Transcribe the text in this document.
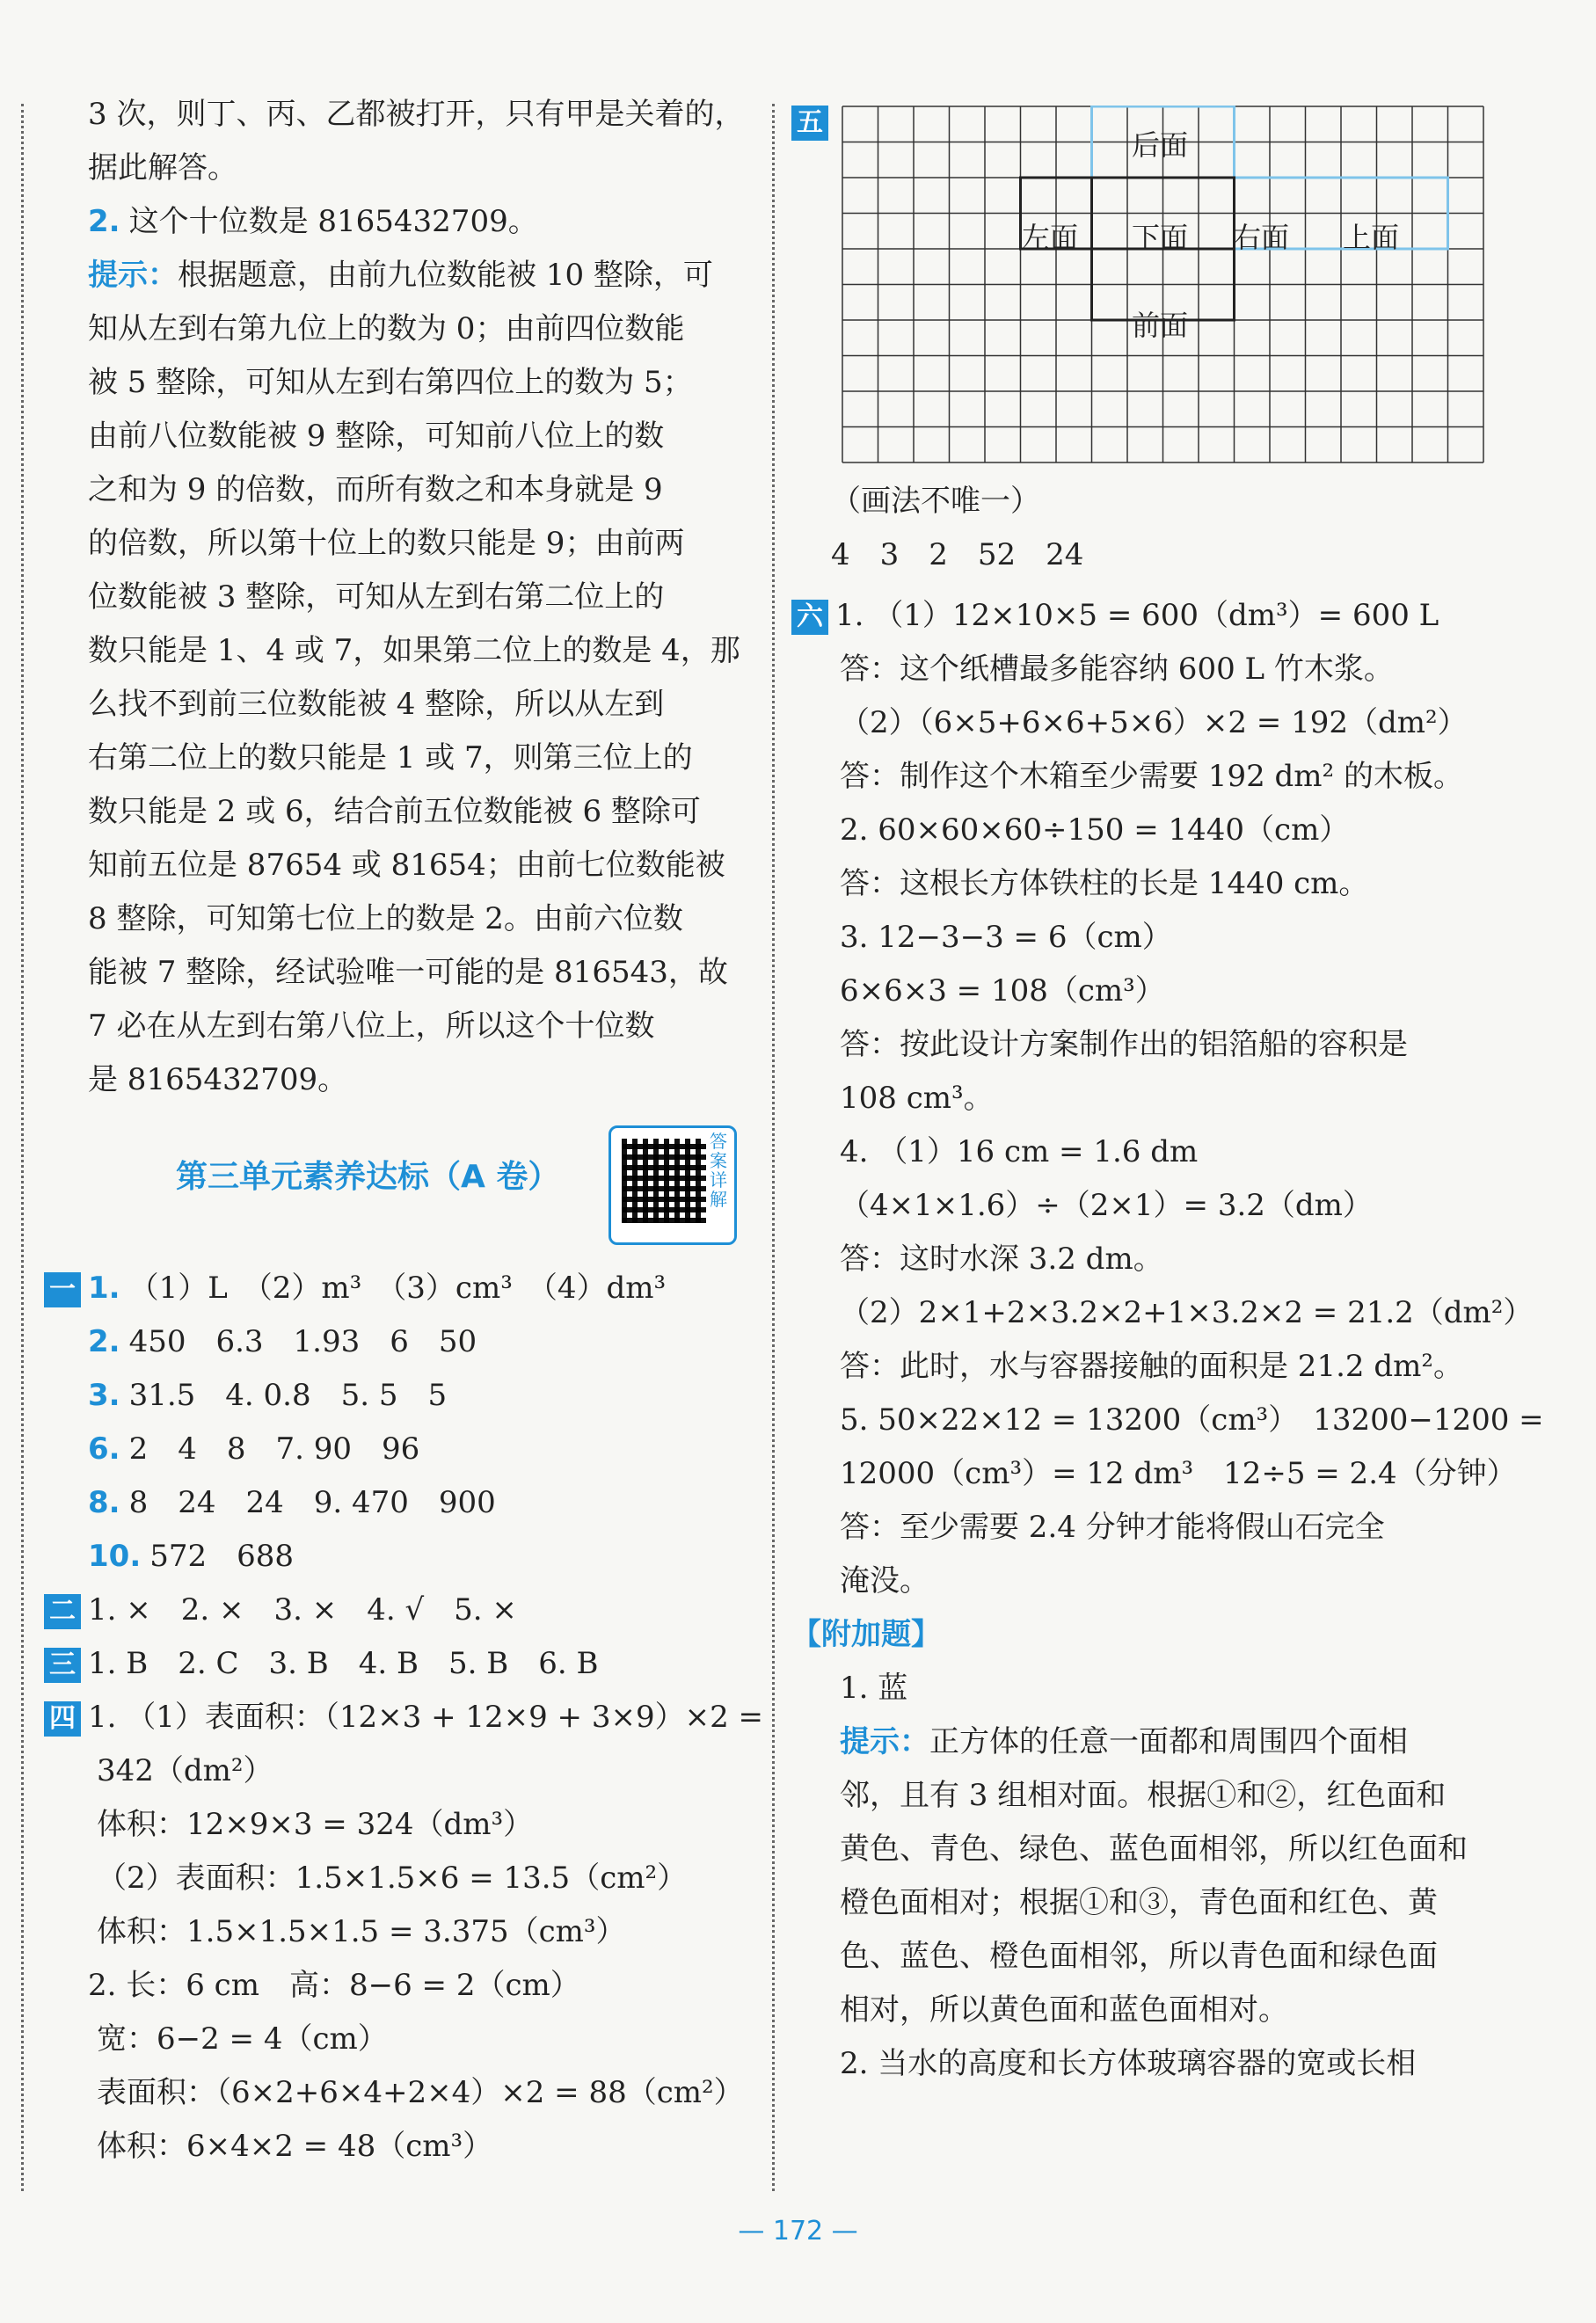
3 次，则丁、丙、乙都被打开，只有甲是关着的，
据此解答。
2. 这个十位数是 8165432709。
提示：根据题意，由前九位数能被 10 整除，可
知从左到右第九位上的数为 0；由前四位数能
被 5 整除，可知从左到右第四位上的数为 5；
由前八位数能被 9 整除，可知前八位上的数
之和为 9 的倍数，而所有数之和本身就是 9
的倍数，所以第十位上的数只能是 9；由前两
位数能被 3 整除，可知从左到右第二位上的
数只能是 1、4 或 7，如果第二位上的数是 4，那
么找不到前三位数能被 4 整除，所以从左到
右第二位上的数只能是 1 或 7，则第三位上的
数只能是 2 或 6，结合前五位数能被 6 整除可
知前五位是 87654 或 81654；由前七位数能被
8 整除，可知第七位上的数是 2。由前六位数
能被 7 整除，经试验唯一可能的是 816543，故
7 必在从左到右第八位上，所以这个十位数
是 8165432709。
第三单元素养达标（A 卷）
答案详解
一 1. （1）L　（2）m³　（3）cm³　（4）dm³
2. 450　6.3　1.93　6　50
3. 31.5　4. 0.8　5. 5　5
6. 2　4　8　7. 90　96
8. 8　24　24　9. 470　900
10. 572　688
二 1. ×　2. ×　3. ×　4. √　5. ×
三 1. B　2. C　3. B　4. B　5. B　6. B
四 1. （1）表面积：（12×3 + 12×9 + 3×9）×2 =
342（dm²）
体积：12×9×3 = 324（dm³）
（2）表面积：1.5×1.5×6 = 13.5（cm²）
体积：1.5×1.5×1.5 = 3.375（cm³）
2. 长：6 cm　高：8−6 = 2（cm）
宽：6−2 = 4（cm）
表面积：（6×2+6×4+2×4）×2 = 88（cm²）
体积：6×4×2 = 48（cm³）
五
后面
左面 下面 右面 上面
前面
（画法不唯一）
4　3　2　52　24
六 1. （1）12×10×5 = 600（dm³）= 600 L
答：这个纸槽最多能容纳 600 L 竹木浆。
（2）（6×5+6×6+5×6）×2 = 192（dm²）
答：制作这个木箱至少需要 192 dm² 的木板。
2. 60×60×60÷150 = 1440（cm）
答：这根长方体铁柱的长是 1440 cm。
3. 12−3−3 = 6（cm）
6×6×3 = 108（cm³）
答：按此设计方案制作出的铝箔船的容积是
108 cm³。
4. （1）16 cm = 1.6 dm
（4×1×1.6）÷（2×1）= 3.2（dm）
答：这时水深 3.2 dm。
（2）2×1+2×3.2×2+1×3.2×2 = 21.2（dm²）
答：此时，水与容器接触的面积是 21.2 dm²。
5. 50×22×12 = 13200（cm³）　13200−1200 =
12000（cm³）= 12 dm³　12÷5 = 2.4（分钟）
答：至少需要 2.4 分钟才能将假山石完全
淹没。
【附加题】
1. 蓝
提示：正方体的任意一面都和周围四个面相
邻，且有 3 组相对面。根据①和②，红色面和
黄色、青色、绿色、蓝色面相邻，所以红色面和
橙色面相对；根据①和③，青色面和红色、黄
色、蓝色、橙色面相邻，所以青色面和绿色面
相对，所以黄色面和蓝色面相对。
2. 当水的高度和长方体玻璃容器的宽或长相
— 172 —
